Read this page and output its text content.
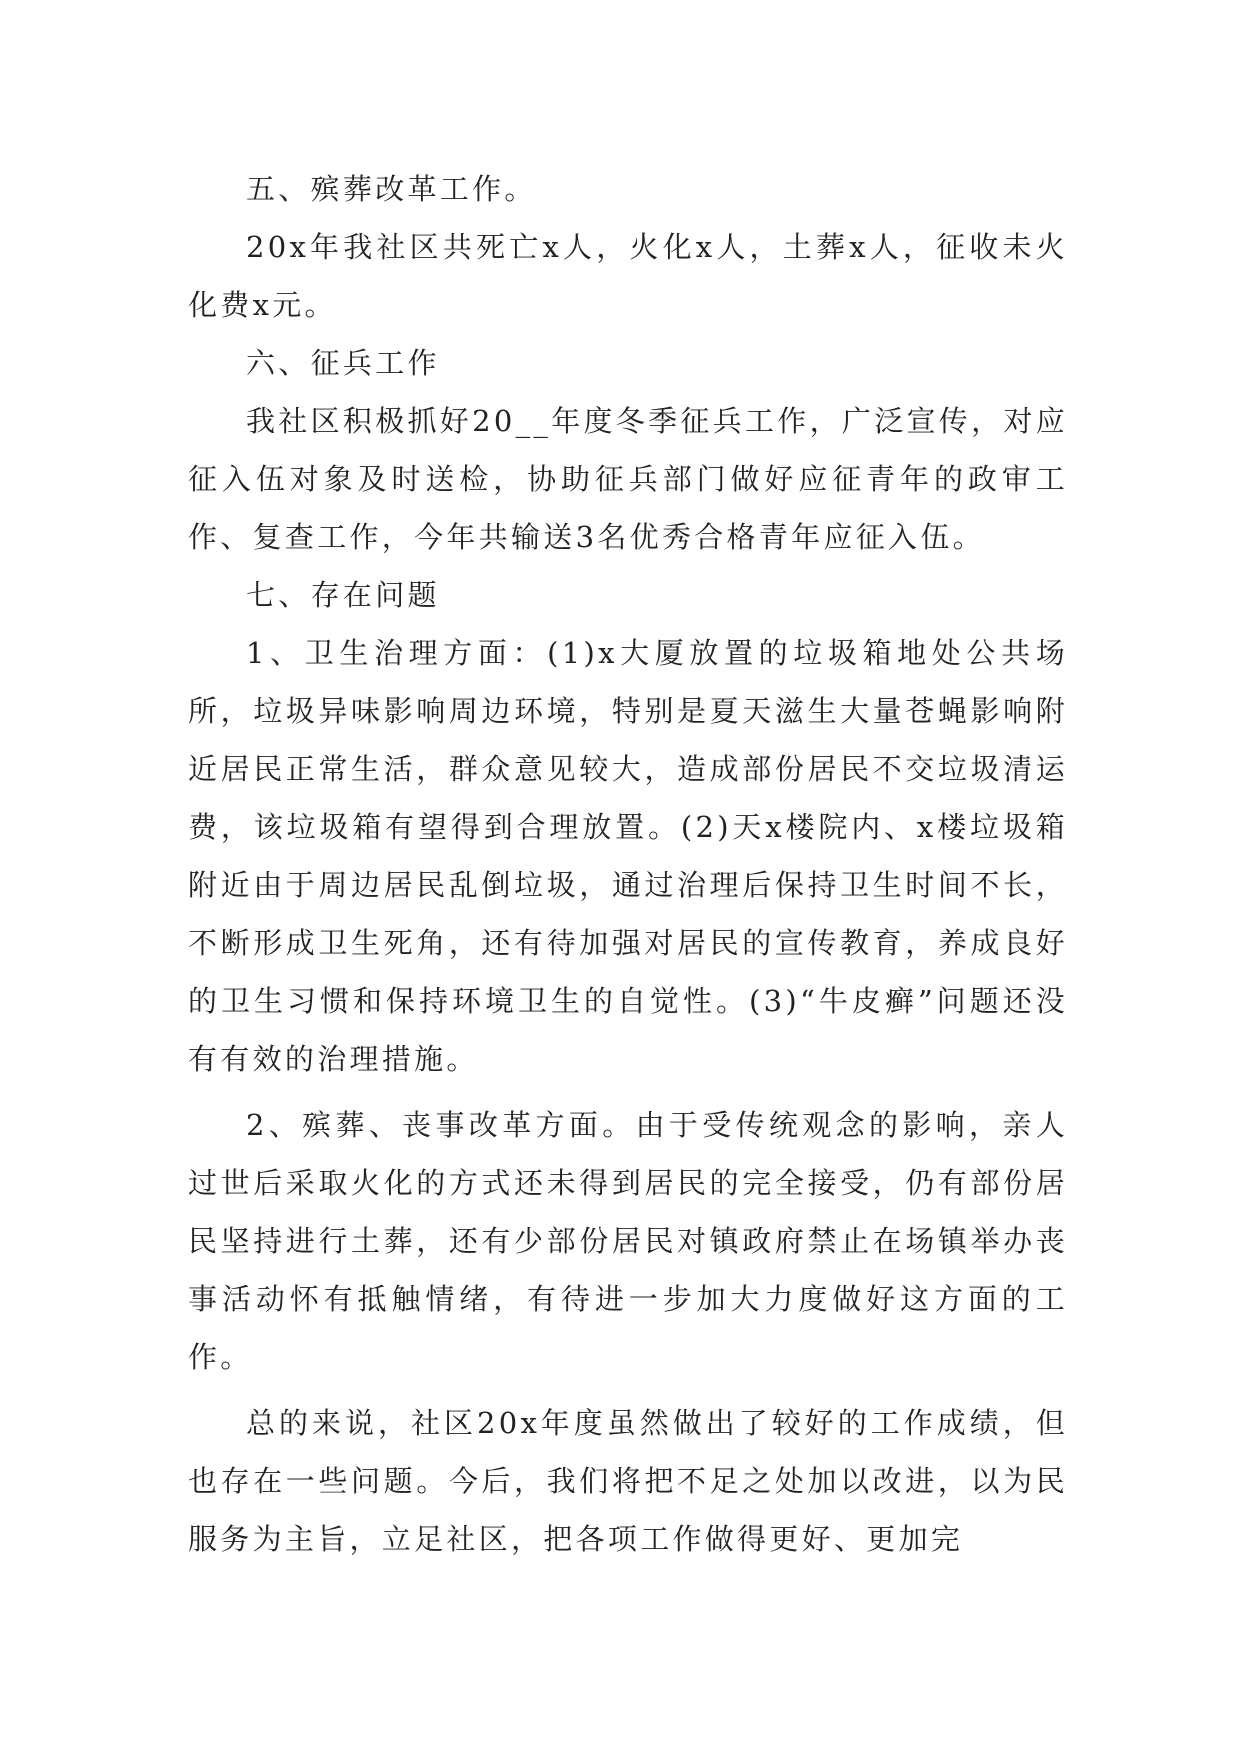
五、殡葬改革工作。

20x年我社区共死亡x人，火化x人，土葬x人，征收未火化费x元。

六、征兵工作

我社区积极抓好20__年度冬季征兵工作，广泛宣传，对应征入伍对象及时送检，协助征兵部门做好应征青年的政审工作、复查工作，今年共输送3名优秀合格青年应征入伍。

七、存在问题

1、卫生治理方面：(1)x大厦放置的垃圾箱地处公共场所，垃圾异味影响周边环境，特别是夏天滋生大量苍蝇影响附近居民正常生活，群众意见较大，造成部份居民不交垃圾清运费，该垃圾箱有望得到合理放置。(2)天x楼院内、x楼垃圾箱附近由于周边居民乱倒垃圾，通过治理后保持卫生时间不长，不断形成卫生死角，还有待加强对居民的宣传教育，养成良好的卫生习惯和保持环境卫生的自觉性。(3)“牛皮癣”问题还没有有效的治理措施。

2、殡葬、丧事改革方面。由于受传统观念的影响，亲人过世后采取火化的方式还未得到居民的完全接受，仍有部份居民坚持进行土葬，还有少部份居民对镇政府禁止在场镇举办丧事活动怀有抵触情绪，有待进一步加大力度做好这方面的工作。

总的来说，社区20x年度虽然做出了较好的工作成绩，但也存在一些问题。今后，我们将把不足之处加以改进，以为民服务为主旨，立足社区，把各项工作做得更好、更加完
